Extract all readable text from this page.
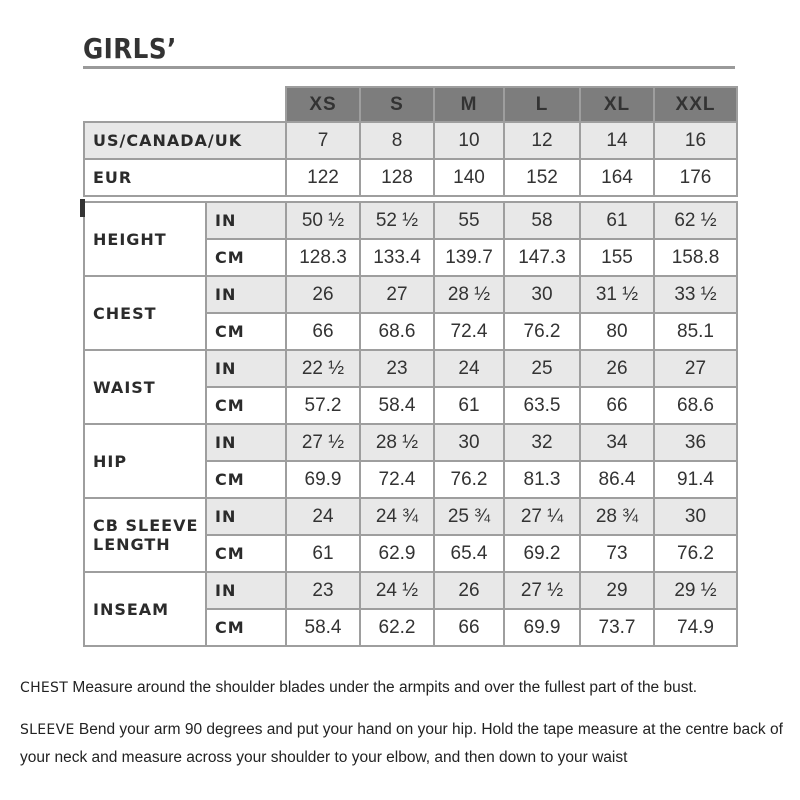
GIRLS’
		XS	S	M	L	XL	XXL
US/CANADA/UK		7	8	10	12	14	16
EUR		122	128	140	152	164	176

HEIGHT	IN	50 ½	52 ½	55	58	61	62 ½
	CM	128.3	133.4	139.7	147.3	155	158.8
CHEST	IN	26	27	28 ½	30	31 ½	33 ½
	CM	66	68.6	72.4	76.2	80	85.1
WAIST	IN	22 ½	23	24	25	26	27
	CM	57.2	58.4	61	63.5	66	68.6
HIP	IN	27 ½	28 ½	30	32	34	36
	CM	69.9	72.4	76.2	81.3	86.4	91.4
CB SLEEVE LENGTH	IN	24	24 ¾	25 ¾	27 ¼	28 ¾	30
	CM	61	62.9	65.4	69.2	73	76.2
INSEAM	IN	23	24 ½	26	27 ½	29	29 ½
	CM	58.4	62.2	66	69.9	73.7	74.9

CHEST Measure around the shoulder blades under the armpits and over the fullest part of the bust.

SLEEVE Bend your arm 90 degrees and put your hand on your hip. Hold the tape measure at the centre back of your neck and measure across your shoulder to your elbow, and then down to your waist
